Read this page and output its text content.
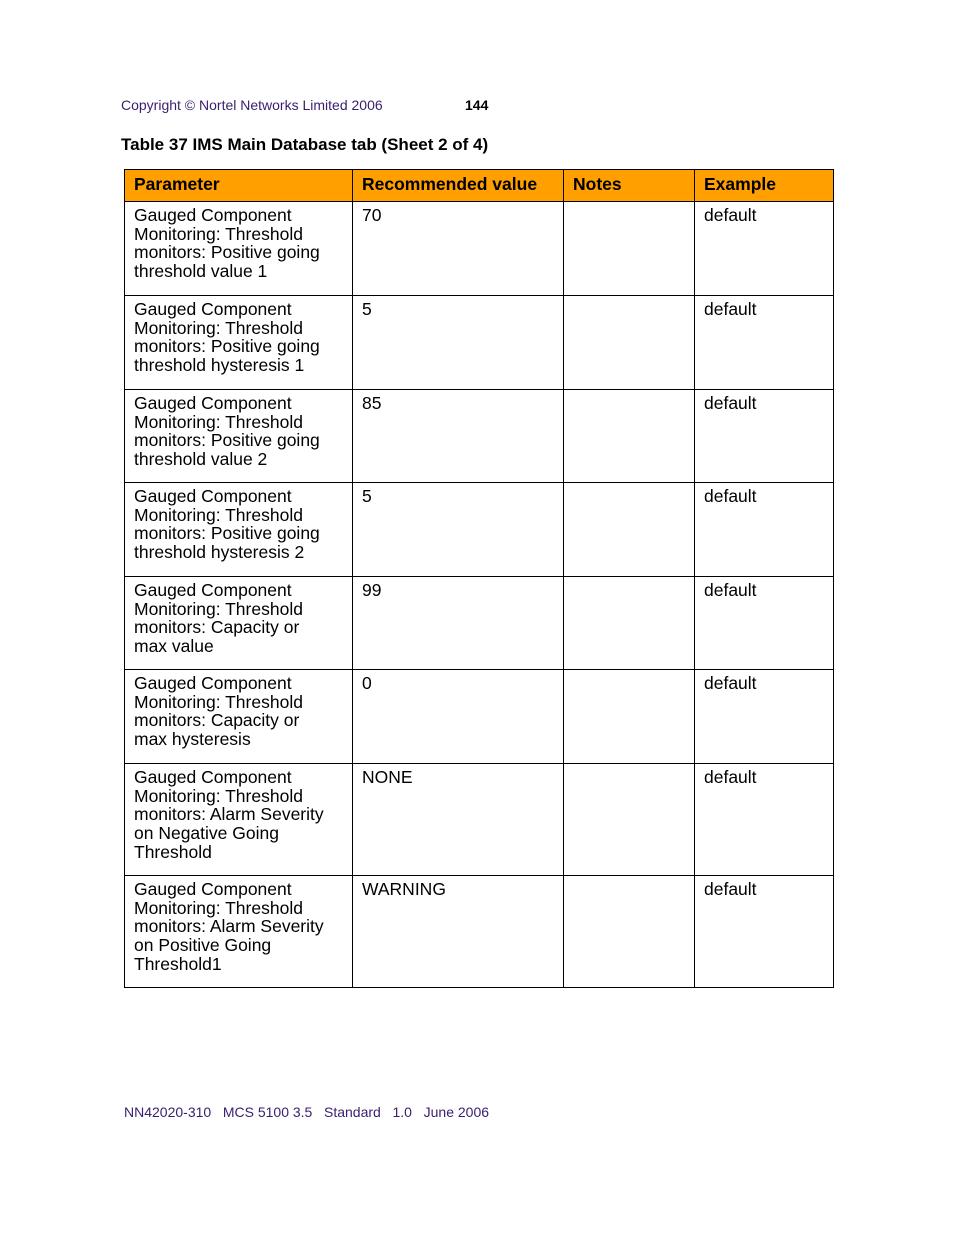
Copyright © Nortel Networks Limited 2006	144
Table 37 IMS Main Database tab (Sheet 2 of 4)
Parameter	Recommended value	Notes	Example

Gauged Component
Monitoring: Threshold
monitors: Positive going
threshold value 1	70		default

Gauged Component
Monitoring: Threshold
monitors: Positive going
threshold hysteresis 1	5		default

Gauged Component
Monitoring: Threshold
monitors: Positive going
threshold value 2	85		default

Gauged Component
Monitoring: Threshold
monitors: Positive going
threshold hysteresis 2	5		default

Gauged Component
Monitoring: Threshold
monitors: Capacity or
max value	99		default

Gauged Component
Monitoring: Threshold
monitors: Capacity or
max hysteresis	0		default

Gauged Component
Monitoring: Threshold
monitors: Alarm Severity
on Negative Going
Threshold	NONE		default

Gauged Component
Monitoring: Threshold
monitors: Alarm Severity
on Positive Going
Threshold1	WARNING		default
NN42020-310   MCS 5100 3.5   Standard   1.0   June 2006
